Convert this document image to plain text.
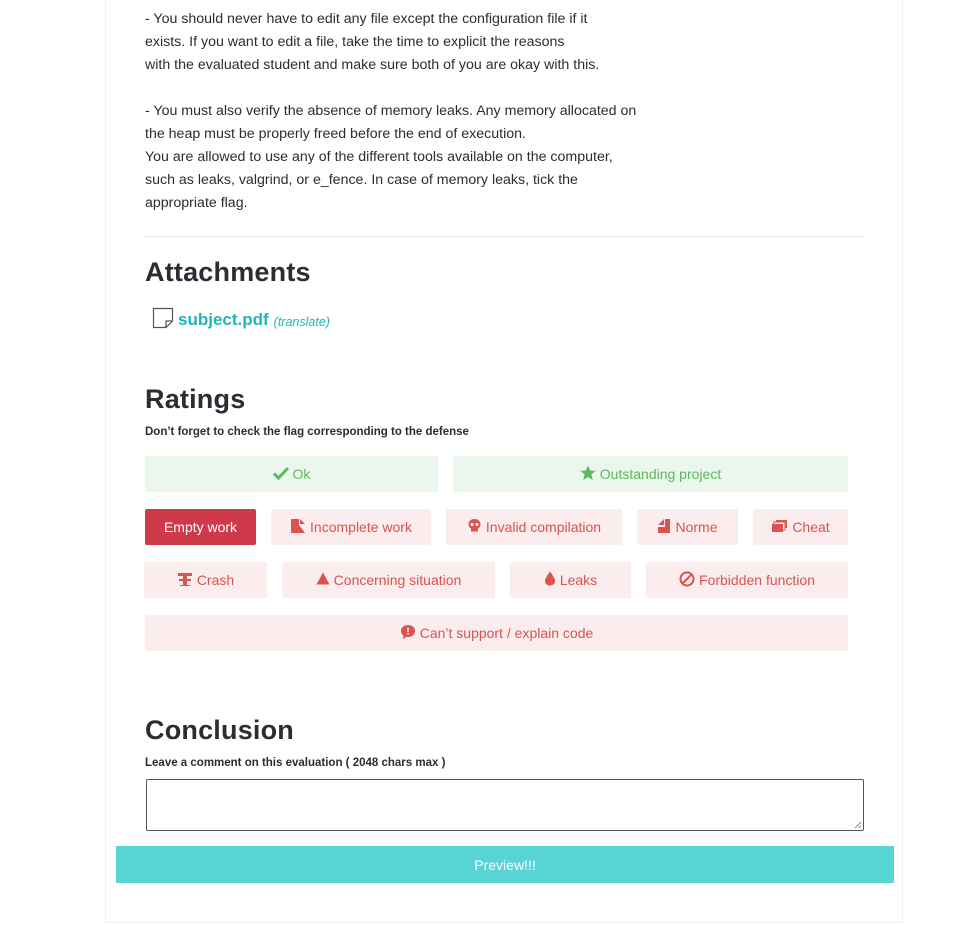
- You should never have to edit any file except the configuration file if it

exists. If you want to edit a file, take the time to explicit the reasons

with the evaluated student and make sure both of you are okay with this.

- You must also verify the absence of memory leaks. Any memory allocated on

the heap must be properly freed before the end of execution.

You are allowed to use any of the different tools available on the computer,

such as leaks, valgrind, or e_fence. In case of memory leaks, tick the

appropriate flag.

Attachments
subject.pdf (translate)
Ratings
Don’t forget to check the flag corresponding to the defense
Ok	Outstanding project
Empty work	Incomplete work	Invalid compilation	Norme	Cheat
Crash	Concerning situation	Leaks	Forbidden function
Can’t support / explain code
Conclusion
Leave a comment on this evaluation ( 2048 chars max )
Preview!!!
